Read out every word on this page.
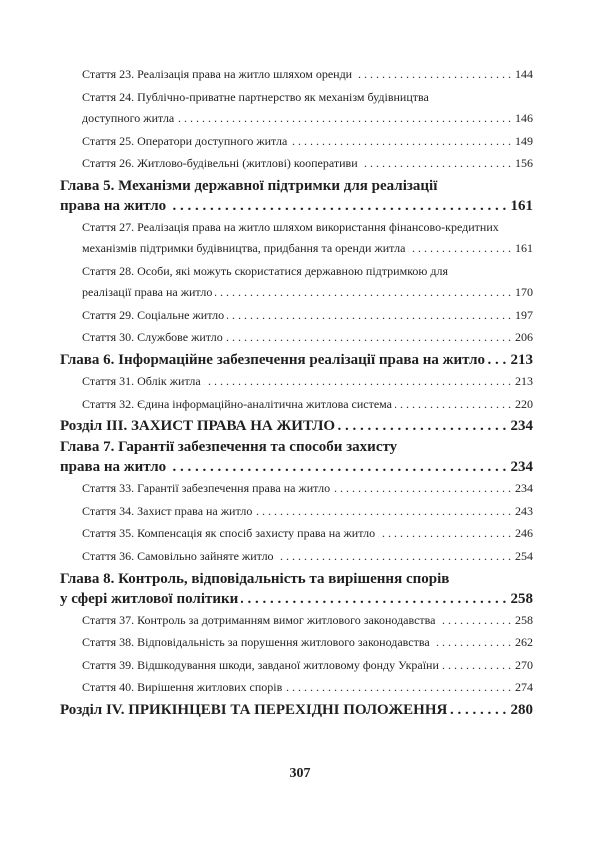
Стаття 23. Реалізація права на житло шляхом оренди . . .	144
Стаття 24. Публічно-приватне партнерство як механізм будівництва
доступного житла . . .	146
Стаття 25. Оператори доступного житла . . .	149
Стаття 26. Житлово-будівельні (житлові) кооперативи . . .	156
Глава 5. Механізми державної підтримки для реалізації
права на житло . . .	161
Стаття 27. Реалізація права на житло шляхом використання фінансово-кредитних
механізмів підтримки будівництва, придбання та оренди житла . . .	161
Стаття 28. Особи, які можуть скористатися державною підтримкою для
реалізації права на житло . . .	170
Стаття 29. Соціальне житло . . .	197
Стаття 30. Службове житло . . .	206
Глава 6. Інформаційне забезпечення реалізації права на житло . . .	213
Стаття 31. Облік житла . . .	213
Стаття 32. Єдина інформаційно-аналітична житлова система . . .	220
Розділ ІІІ. ЗАХИСТ ПРАВА НА ЖИТЛО . . .	234
Глава 7. Гарантії забезпечення та способи захисту
права на житло . . .	234
Стаття 33. Гарантії забезпечення права на житло . . .	234
Стаття 34. Захист права на житло . . .	243
Стаття 35. Компенсація як спосіб захисту права на житло . . .	246
Стаття 36. Самовільно зайняте житло . . .	254
Глава 8. Контроль, відповідальність та вирішення спорів
у сфері житлової політики . . .	258
Стаття 37. Контроль за дотриманням вимог житлового законодавства . . .	258
Стаття 38. Відповідальність за порушення житлового законодавства . . .	262
Стаття 39. Відшкодування шкоди, завданої житловому фонду України . . .	270
Стаття 40. Вирішення житлових спорів . . .	274
Розділ IV. ПРИКІНЦЕВІ ТА ПЕРЕХІДНІ ПОЛОЖЕННЯ . . .	280
307
